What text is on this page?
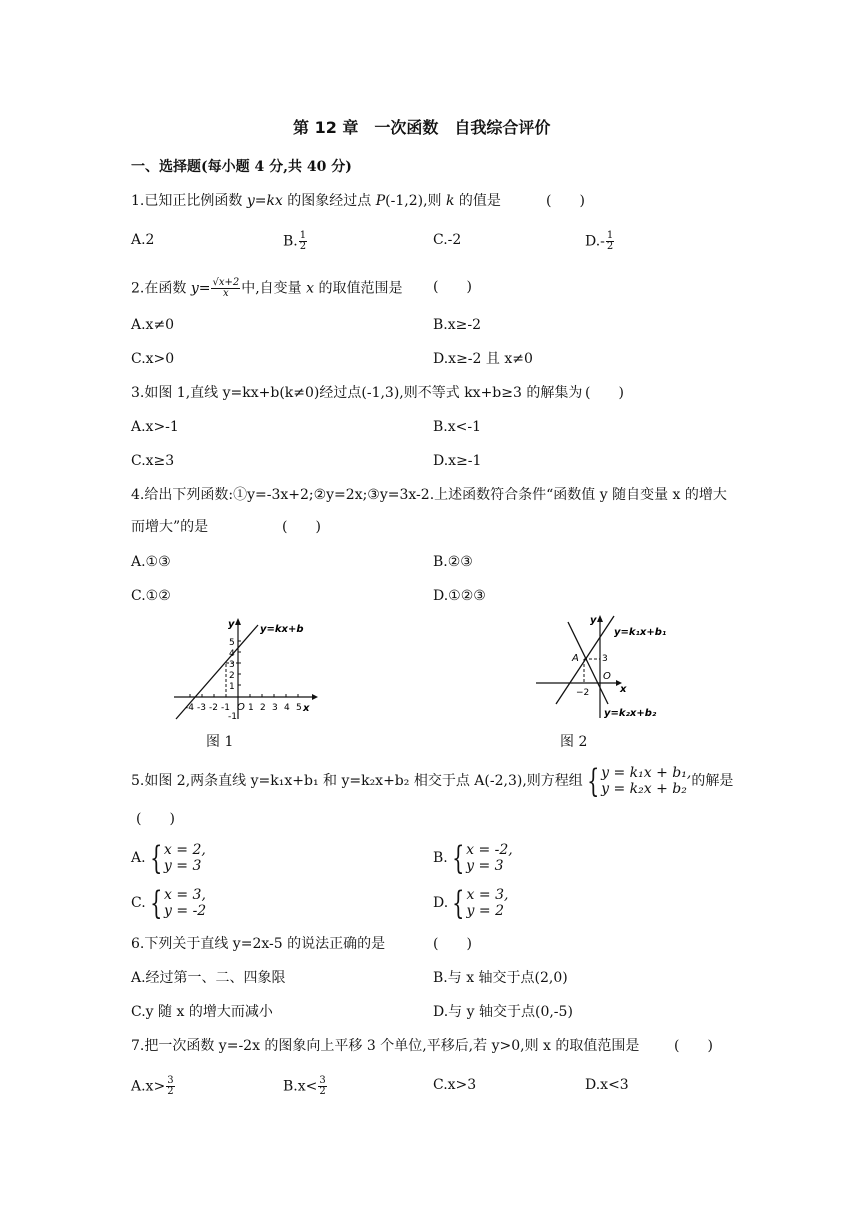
第 12 章　一次函数　自我综合评价
一、选择题(每小题 4 分,共 40 分)
1.已知正比例函数 y=kx 的图象经过点 P(-1,2),则 k 的值是	(　　)
A.2	B. $\frac{1}{2}$	C.-2	$D.- \frac{1}{2}$
2.在函数 $y= \frac{√x+2}{x}$ 中,自变量 x 的取值范围是 (　　)
A.x≠0	B.x≥-2
C.x>0	D.x≥-2 且 x≠0
3.如图 1,直线 y=kx+b(k≠0)经过点(-1,3),则不等式 kx+b≥3 的解集为 (　　)
A.x>-1	B.x<-1
C.x≥3	D.x≥-1
4.给出下列函数:①y=-3x+2;②y=2x;③y=3x-2.上述函数符合条件“函数值 y 随自变量 x 的增大
而增大”的是	(　　)
A.①③	B.②③
C.①②	D.①②③
y=kx+b
y
x
O
-4 -3 -2 -1 1 2 3 4 5
1
2
3
4
5
-1
图 1
y=k₁x+b₁
y=k₂x+b₂
y
x
O
A	3
−2
图 2
5.如图 2,两条直线 y=k₁x+b₁ 和 y=k₂x+b₂ 相交于点 A(-2,3),则方程组 { y = k₁x + b₁,
y = k₂x + b₂ 的解是
(　　)
A. { x = 2,
y = 3	B. { x = -2,
y = 3
C. { x = 3,
y = -2	D. { x = 3,
y = 2
6.下列关于直线 y=2x-5 的说法正确的是	(　　)
A.经过第一、二、四象限	B.与 x 轴交于点(2,0)
C.y 随 x 的增大而减小	D.与 y 轴交于点(0,-5)
7.把一次函数 y=-2x 的图象向上平移 3 个单位,平移后,若 y>0,则 x 的取值范围是 (　　)
$A.x> \frac{3}{2}$	$B.x< \frac{3}{2}$	C.x>3	D.x<3
